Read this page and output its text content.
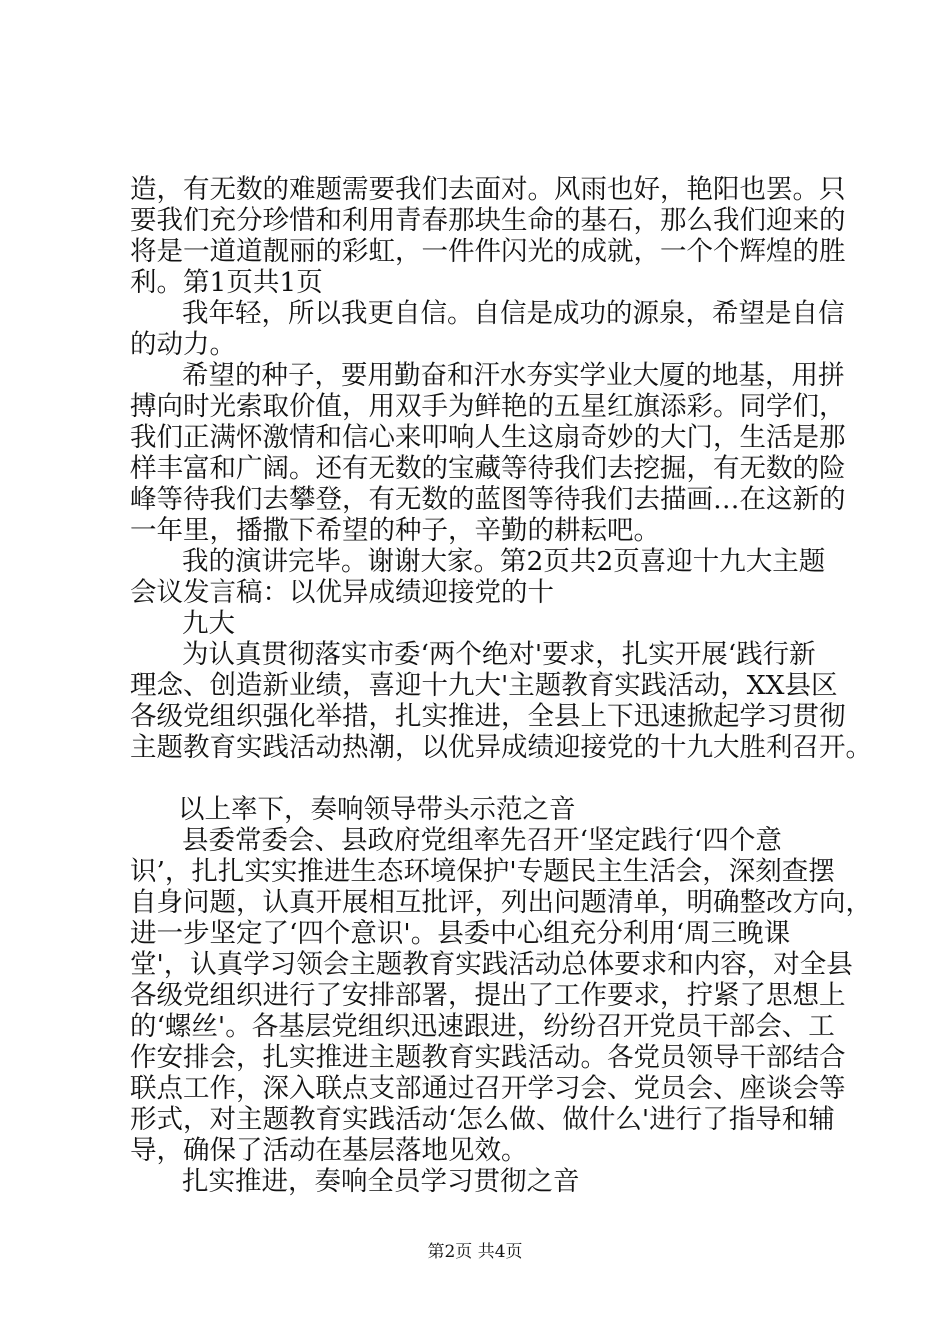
造，有无数的难题需要我们去面对。风雨也好，艳阳也罢。只

要我们充分珍惜和利用青春那块生命的基石，那么我们迎来的

将是一道道靓丽的彩虹，一件件闪光的成就，一个个辉煌的胜

利。第1页共1页

我年轻，所以我更自信。自信是成功的源泉，希望是自信

的动力。

希望的种子，要用勤奋和汗水夯实学业大厦的地基，用拼

搏向时光索取价值，用双手为鲜艳的五星红旗添彩。同学们，

我们正满怀激情和信心来叩响人生这扇奇妙的大门，生活是那

样丰富和广阔。还有无数的宝藏等待我们去挖掘，有无数的险

峰等待我们去攀登，有无数的蓝图等待我们去描画…在这新的

一年里，播撒下希望的种子，辛勤的耕耘吧。

我的演讲完毕。谢谢大家。第2页共2页喜迎十九大主题

会议发言稿：以优异成绩迎接党的十

九大

为认真贯彻落实市委‘两个绝对'要求，扎实开展‘践行新

理念、创造新业绩，喜迎十九大'主题教育实践活动，XX县区

各级党组织强化举措，扎实推进，全县上下迅速掀起学习贯彻

主题教育实践活动热潮，以优异成绩迎接党的十九大胜利召开。

以上率下，奏响领导带头示范之音

县委常委会、县政府党组率先召开‘坚定践行‘四个意

识’，扎扎实实推进生态环境保护'专题民主生活会，深刻查摆

自身问题，认真开展相互批评，列出问题清单，明确整改方向，

进一步坚定了‘四个意识'。县委中心组充分利用‘周三晚课

堂'，认真学习领会主题教育实践活动总体要求和内容，对全县

各级党组织进行了安排部署，提出了工作要求，拧紧了思想上

的‘螺丝'。各基层党组织迅速跟进，纷纷召开党员干部会、工

作安排会，扎实推进主题教育实践活动。各党员领导干部结合

联点工作，深入联点支部通过召开学习会、党员会、座谈会等

形式，对主题教育实践活动‘怎么做、做什么'进行了指导和辅

导，确保了活动在基层落地见效。

扎实推进，奏响全员学习贯彻之音

第2页 共4页
